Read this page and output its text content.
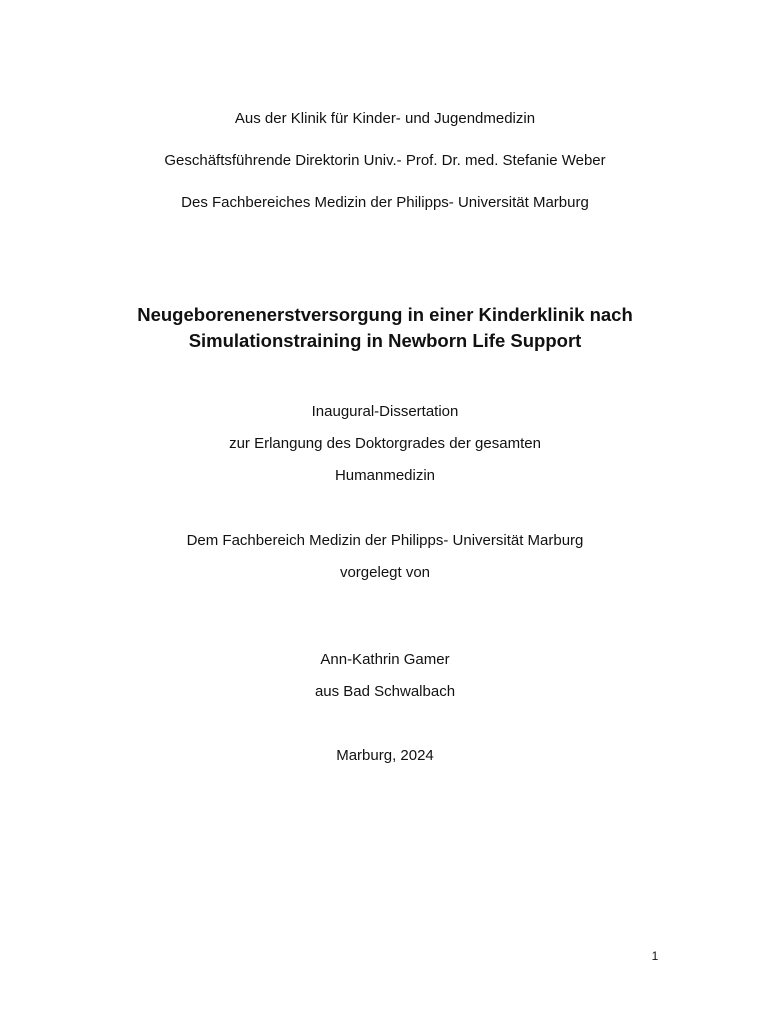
Aus der Klinik für Kinder- und Jugendmedizin
Geschäftsführende Direktorin Univ.- Prof. Dr. med. Stefanie Weber
Des Fachbereiches Medizin der Philipps- Universität Marburg
Neugeborenenerstversorgung in einer Kinderklinik nach
Simulationstraining in Newborn Life Support
Inaugural-Dissertation
zur Erlangung des Doktorgrades der gesamten
Humanmedizin
Dem Fachbereich Medizin der Philipps- Universität Marburg
vorgelegt von
Ann-Kathrin Gamer
aus Bad Schwalbach
Marburg, 2024
1
